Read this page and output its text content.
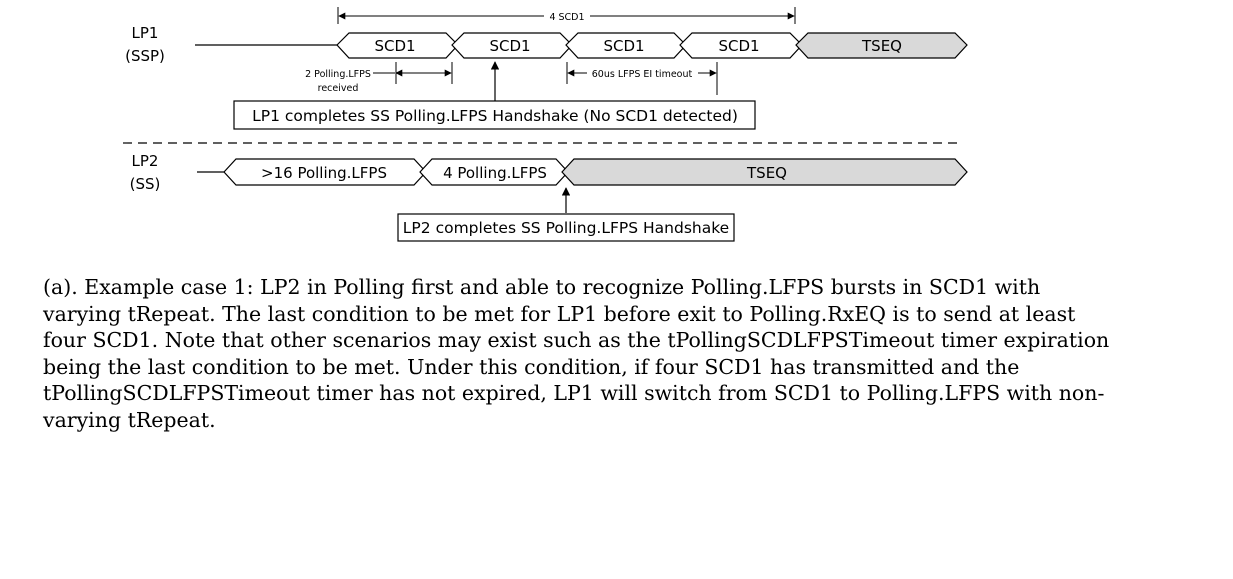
LP1
(SSP)
SCD1	SCD1	SCD1	SCD1	TSEQ
4 SCD1
2 Polling.LFPS
received
60us LFPS EI timeout
LP1 completes SS Polling.LFPS Handshake (No SCD1 detected)
LP2
(SS)
>16 Polling.LFPS	4 Polling.LFPS	TSEQ
LP2 completes SS Polling.LFPS Handshake

(a). Example case 1: LP2 in Polling first and able to recognize Polling.LFPS bursts in SCD1 with varying tRepeat. The last condition to be met for LP1 before exit to Polling.RxEQ is to send at least four SCD1. Note that other scenarios may exist such as the tPollingSCDLFPSTimeout timer expiration being the last condition to be met. Under this condition, if four SCD1 has transmitted and the tPollingSCDLFPSTimeout timer has not expired, LP1 will switch from SCD1 to Polling.LFPS with non-varying tRepeat.
